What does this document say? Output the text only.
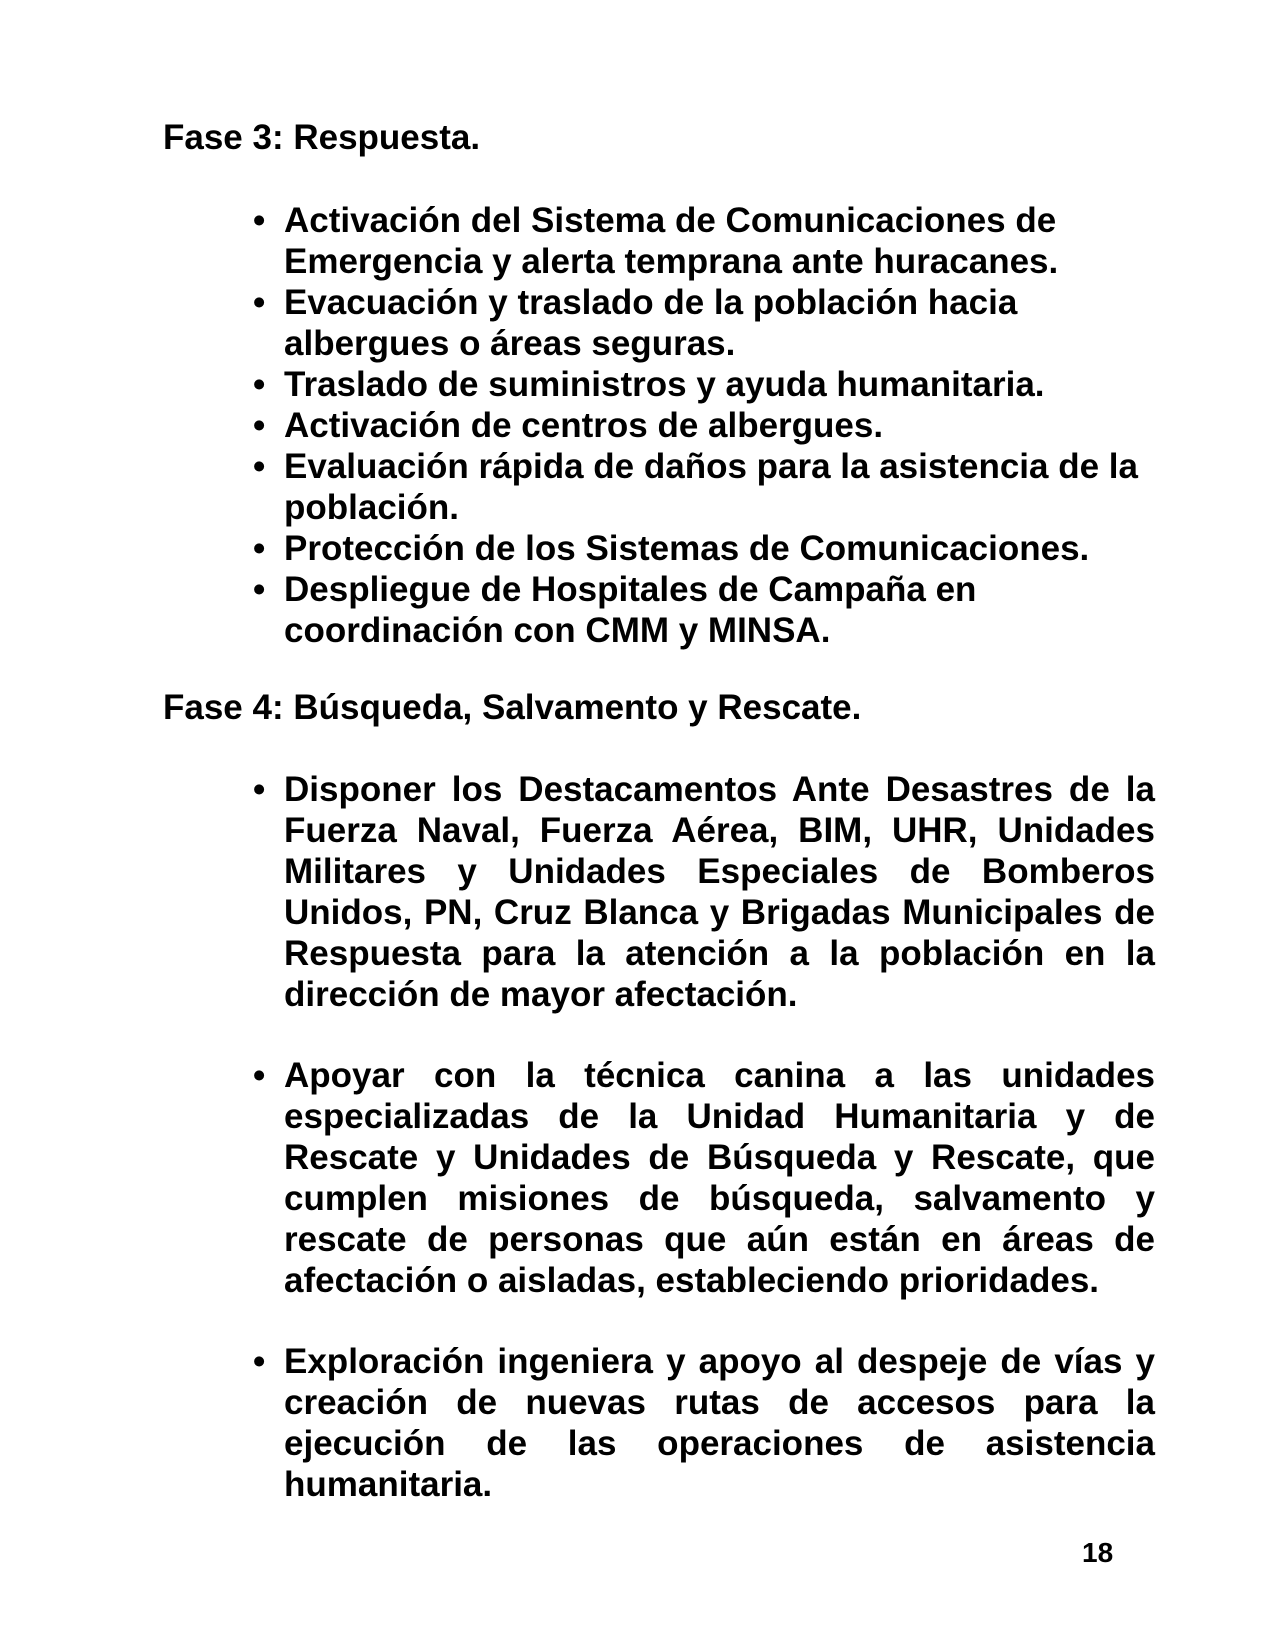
Fase 3: Respuesta.
• Activación del Sistema de Comunicaciones de
Emergencia y alerta temprana ante huracanes.
• Evacuación y traslado de la población hacia
albergues o áreas seguras.
• Traslado de suministros y ayuda humanitaria.
• Activación de centros de albergues.
• Evaluación rápida de daños para la asistencia de la
población.
• Protección de los Sistemas de Comunicaciones.
• Despliegue de Hospitales de Campaña en
coordinación con CMM y MINSA.
Fase 4: Búsqueda, Salvamento y Rescate.
• Disponer los Destacamentos Ante Desastres de la
Fuerza Naval, Fuerza Aérea, BIM, UHR, Unidades
Militares y Unidades Especiales de Bomberos
Unidos, PN, Cruz Blanca y Brigadas Municipales de
Respuesta para la atención a la población en la
dirección de mayor afectación.
• Apoyar con la técnica canina a las unidades
especializadas de la Unidad Humanitaria y de
Rescate y Unidades de Búsqueda y Rescate, que
cumplen misiones de búsqueda, salvamento y
rescate de personas que aún están en áreas de
afectación o aisladas, estableciendo prioridades.
• Exploración ingeniera y apoyo al despeje de vías y
creación de nuevas rutas de accesos para la
ejecución de las operaciones de asistencia
humanitaria.
18
